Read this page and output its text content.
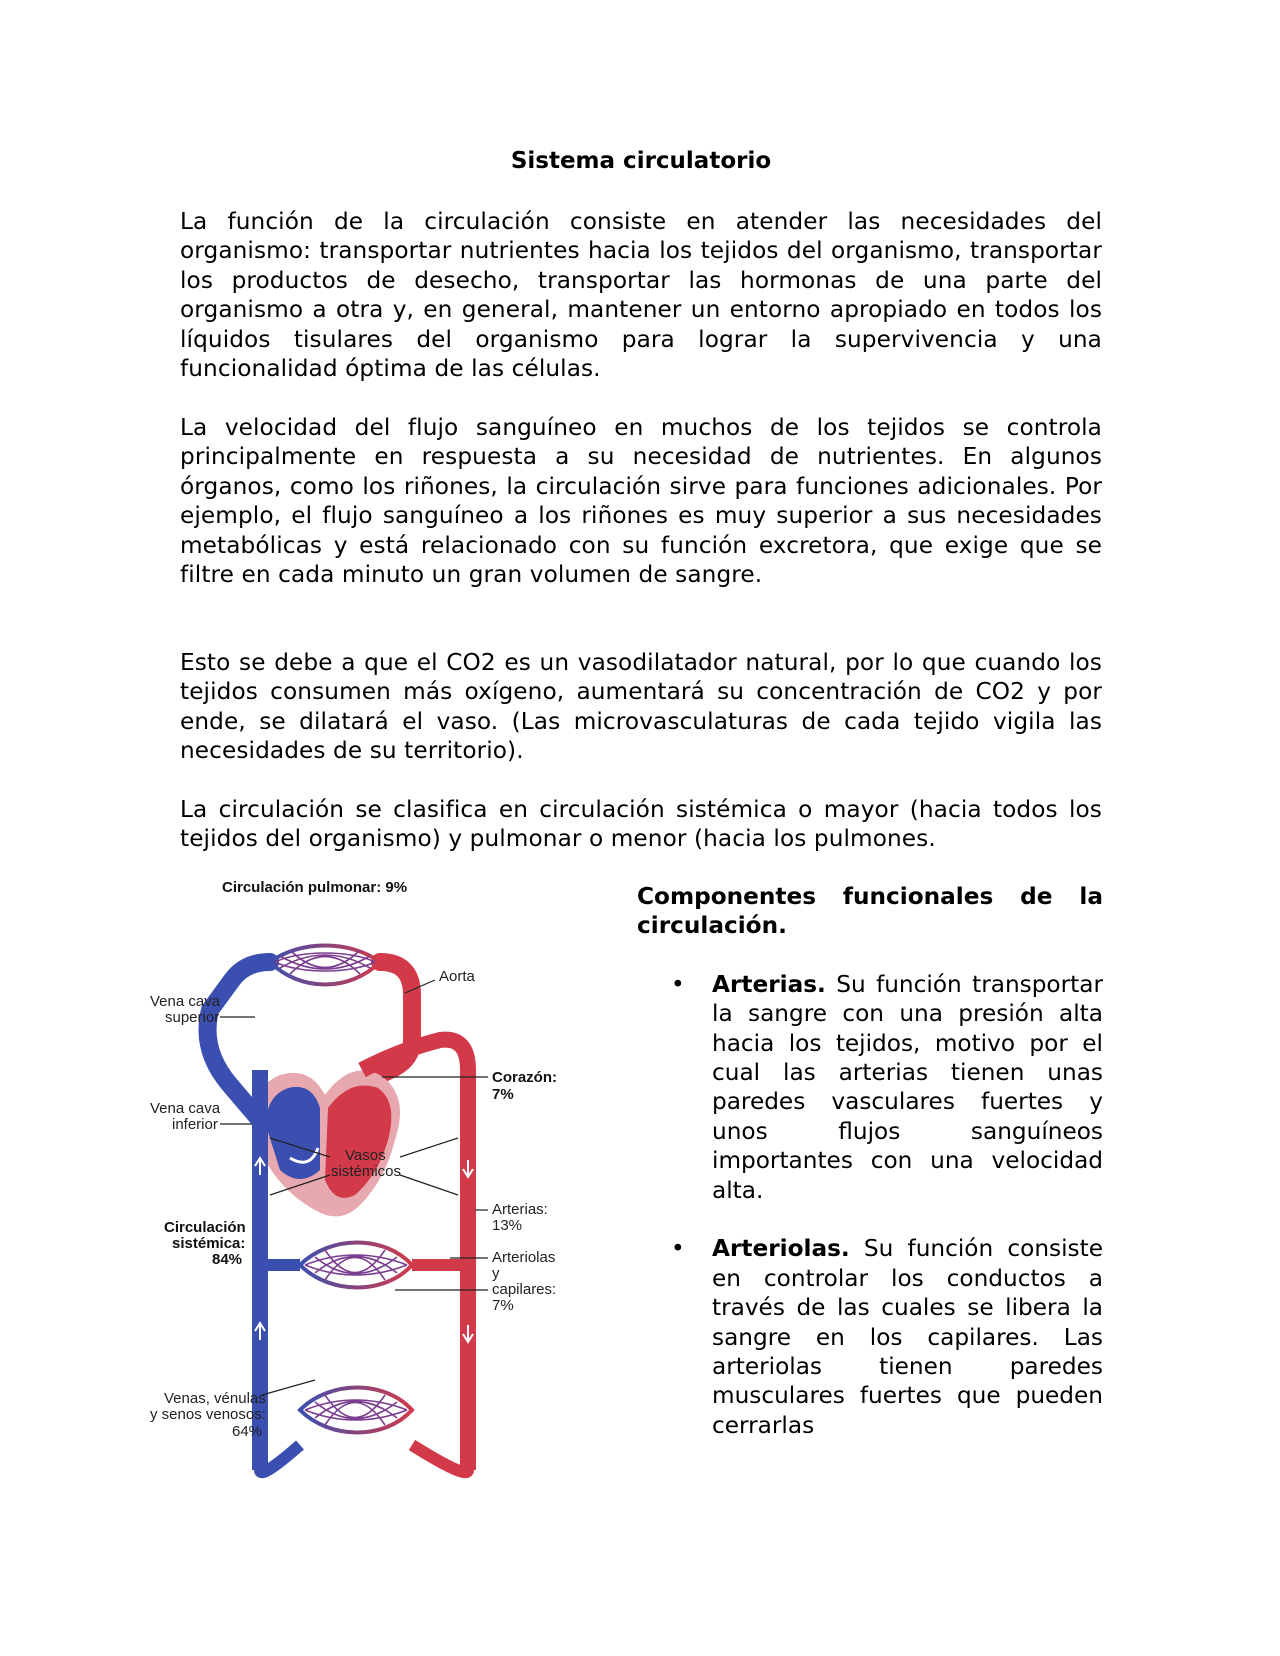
Sistema circulatorio

La función de la circulación consiste en atender las necesidades del organismo: transportar nutrientes hacia los tejidos del organismo, transportar los productos de desecho, transportar las hormonas de una parte del organismo a otra y, en general, mantener un entorno apropiado en todos los líquidos tisulares del organismo para lograr la supervivencia y una funcionalidad óptima de las células.

La velocidad del flujo sanguíneo en muchos de los tejidos se controla principalmente en respuesta a su necesidad de nutrientes. En algunos órganos, como los riñones, la circulación sirve para funciones adicionales. Por ejemplo, el flujo sanguíneo a los riñones es muy superior a sus necesidades metabólicas y está relacionado con su función excretora, que exige que se filtre en cada minuto un gran volumen de sangre.

Esto se debe a que el CO2 es un vasodilatador natural, por lo que cuando los tejidos consumen más oxígeno, aumentará su concentración de CO2 y por ende, se dilatará el vaso. (Las microvasculaturas de cada tejido vigila las necesidades de su territorio).

La circulación se clasifica en circulación sistémica o mayor (hacia todos los tejidos del organismo) y pulmonar o menor (hacia los pulmones.

Circulación pulmonar: 9%
Aorta
Vena cava
superior
Vena cava
inferior
Corazón:
7%
Vasos
sistémicos
Arterias:
13%
Circulación
sistémica:
84%	Arteriolas
y
capilares:
7%
Venas, vénulas
y senos venosos:
64%
Componentes funcionales de la circulación.
• Arterias. Su función transportar la sangre con una presión alta hacia los tejidos, motivo por el cual las arterias tienen unas paredes vasculares fuertes y unos flujos sanguíneos importantes con una velocidad alta.
• Arteriolas. Su función consiste en controlar los conductos a través de las cuales se libera la sangre en los capilares. Las arteriolas tienen paredes musculares fuertes que pueden cerrarlas
